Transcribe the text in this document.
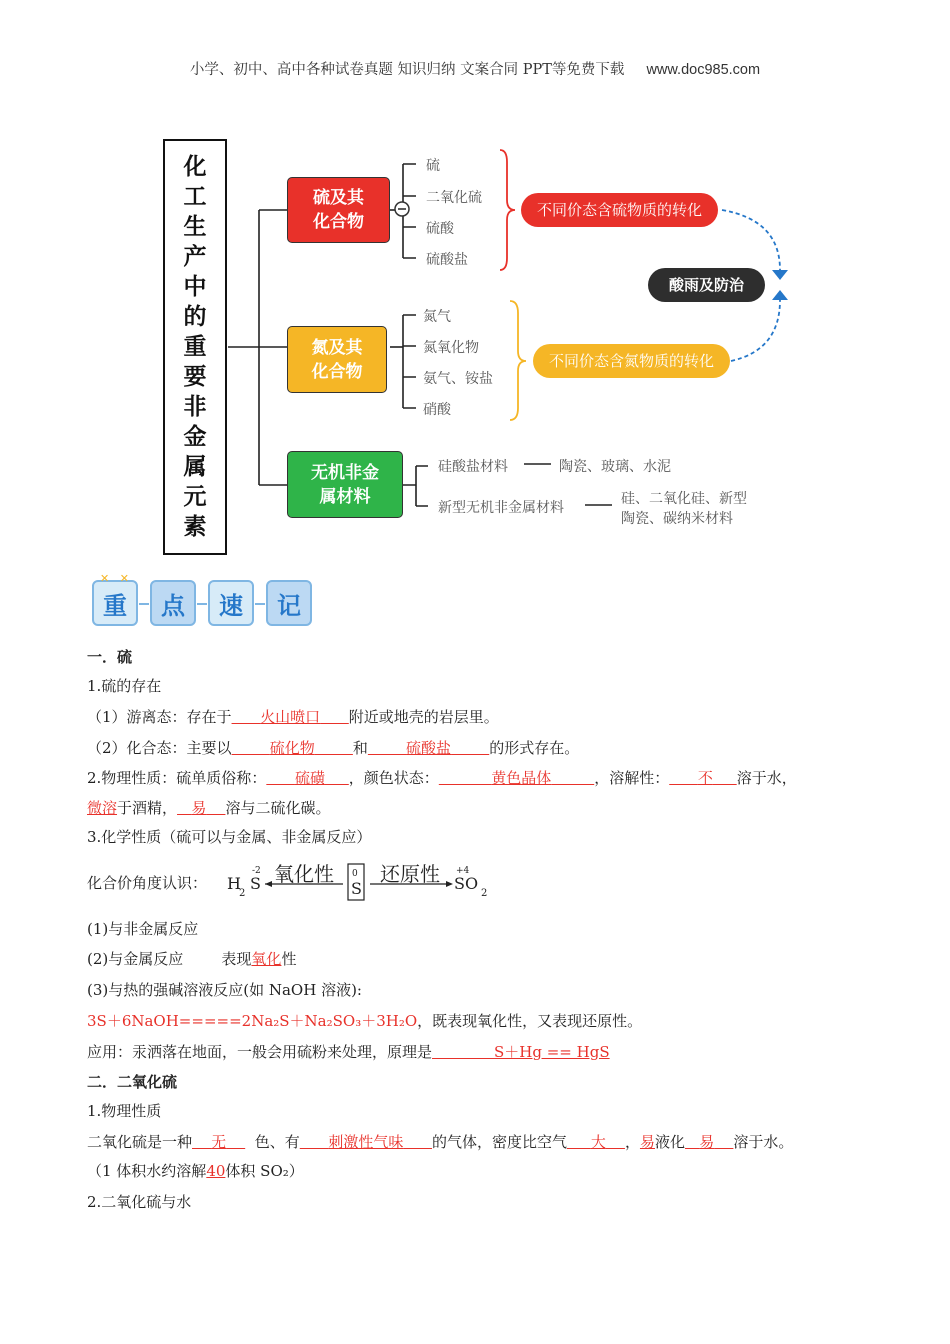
小学、初中、高中各种试卷真题 知识归纳 文案合同 PPT等免费下载 www.doc985.com
化
工
生
产
中
的
重
要
非
金
属
元
素
硫及其
化合物
氮及其
化合物
无机非金
属材料
硫
二氧化硫
硫酸
硫酸盐
氮气
氮氧化物
氨气、铵盐
硝酸
不同价态含硫物质的转化
不同价态含氮物质的转化
酸雨及防治
硅酸盐材料	陶瓷、玻璃、水泥
新型无机非金属材料
硅、二氧化硅、新型
陶瓷、碳纳米材料
重	点	速	记
✕   ✕
一．硫
1.硫的存在
（1）游离态：存在于 火山喷口 附近或地壳的岩层里。
（2）化合态：主要以	硫化物	和	硫酸盐	的形式存在。
2.物理性质：硫单质俗称： 硫磺 ，颜色状态：	黄色晶体	，溶解性： 不 溶于水，
微溶于酒精， 易 溶与二硫化碳。
3.化学性质（硫可以与金属、非金属反应）
化合价角度认识： H
2
S
-2 氧化性 0
S
还原性 +4
SO
2
(1)与非金属反应
(2)与金属反应	表现氧化性
(3)与热的强碱溶液反应(如 NaOH 溶液):
3S＋6NaOH=====2Na₂S＋Na₂SO₃＋3H₂O，既表现氧化性，又表现还原性。
应用：汞洒落在地面，一般会用硫粉来处理，原理是	S＋Hg == HgS
二．二氧化硫
1.物理性质
二氧化硫是一种 无 色、有 刺激性气味 的气体，密度比空气 大 ，易液化 易 溶于水。
（1 体积水约溶解40体积 SO₂）
2.二氧化硫与水
